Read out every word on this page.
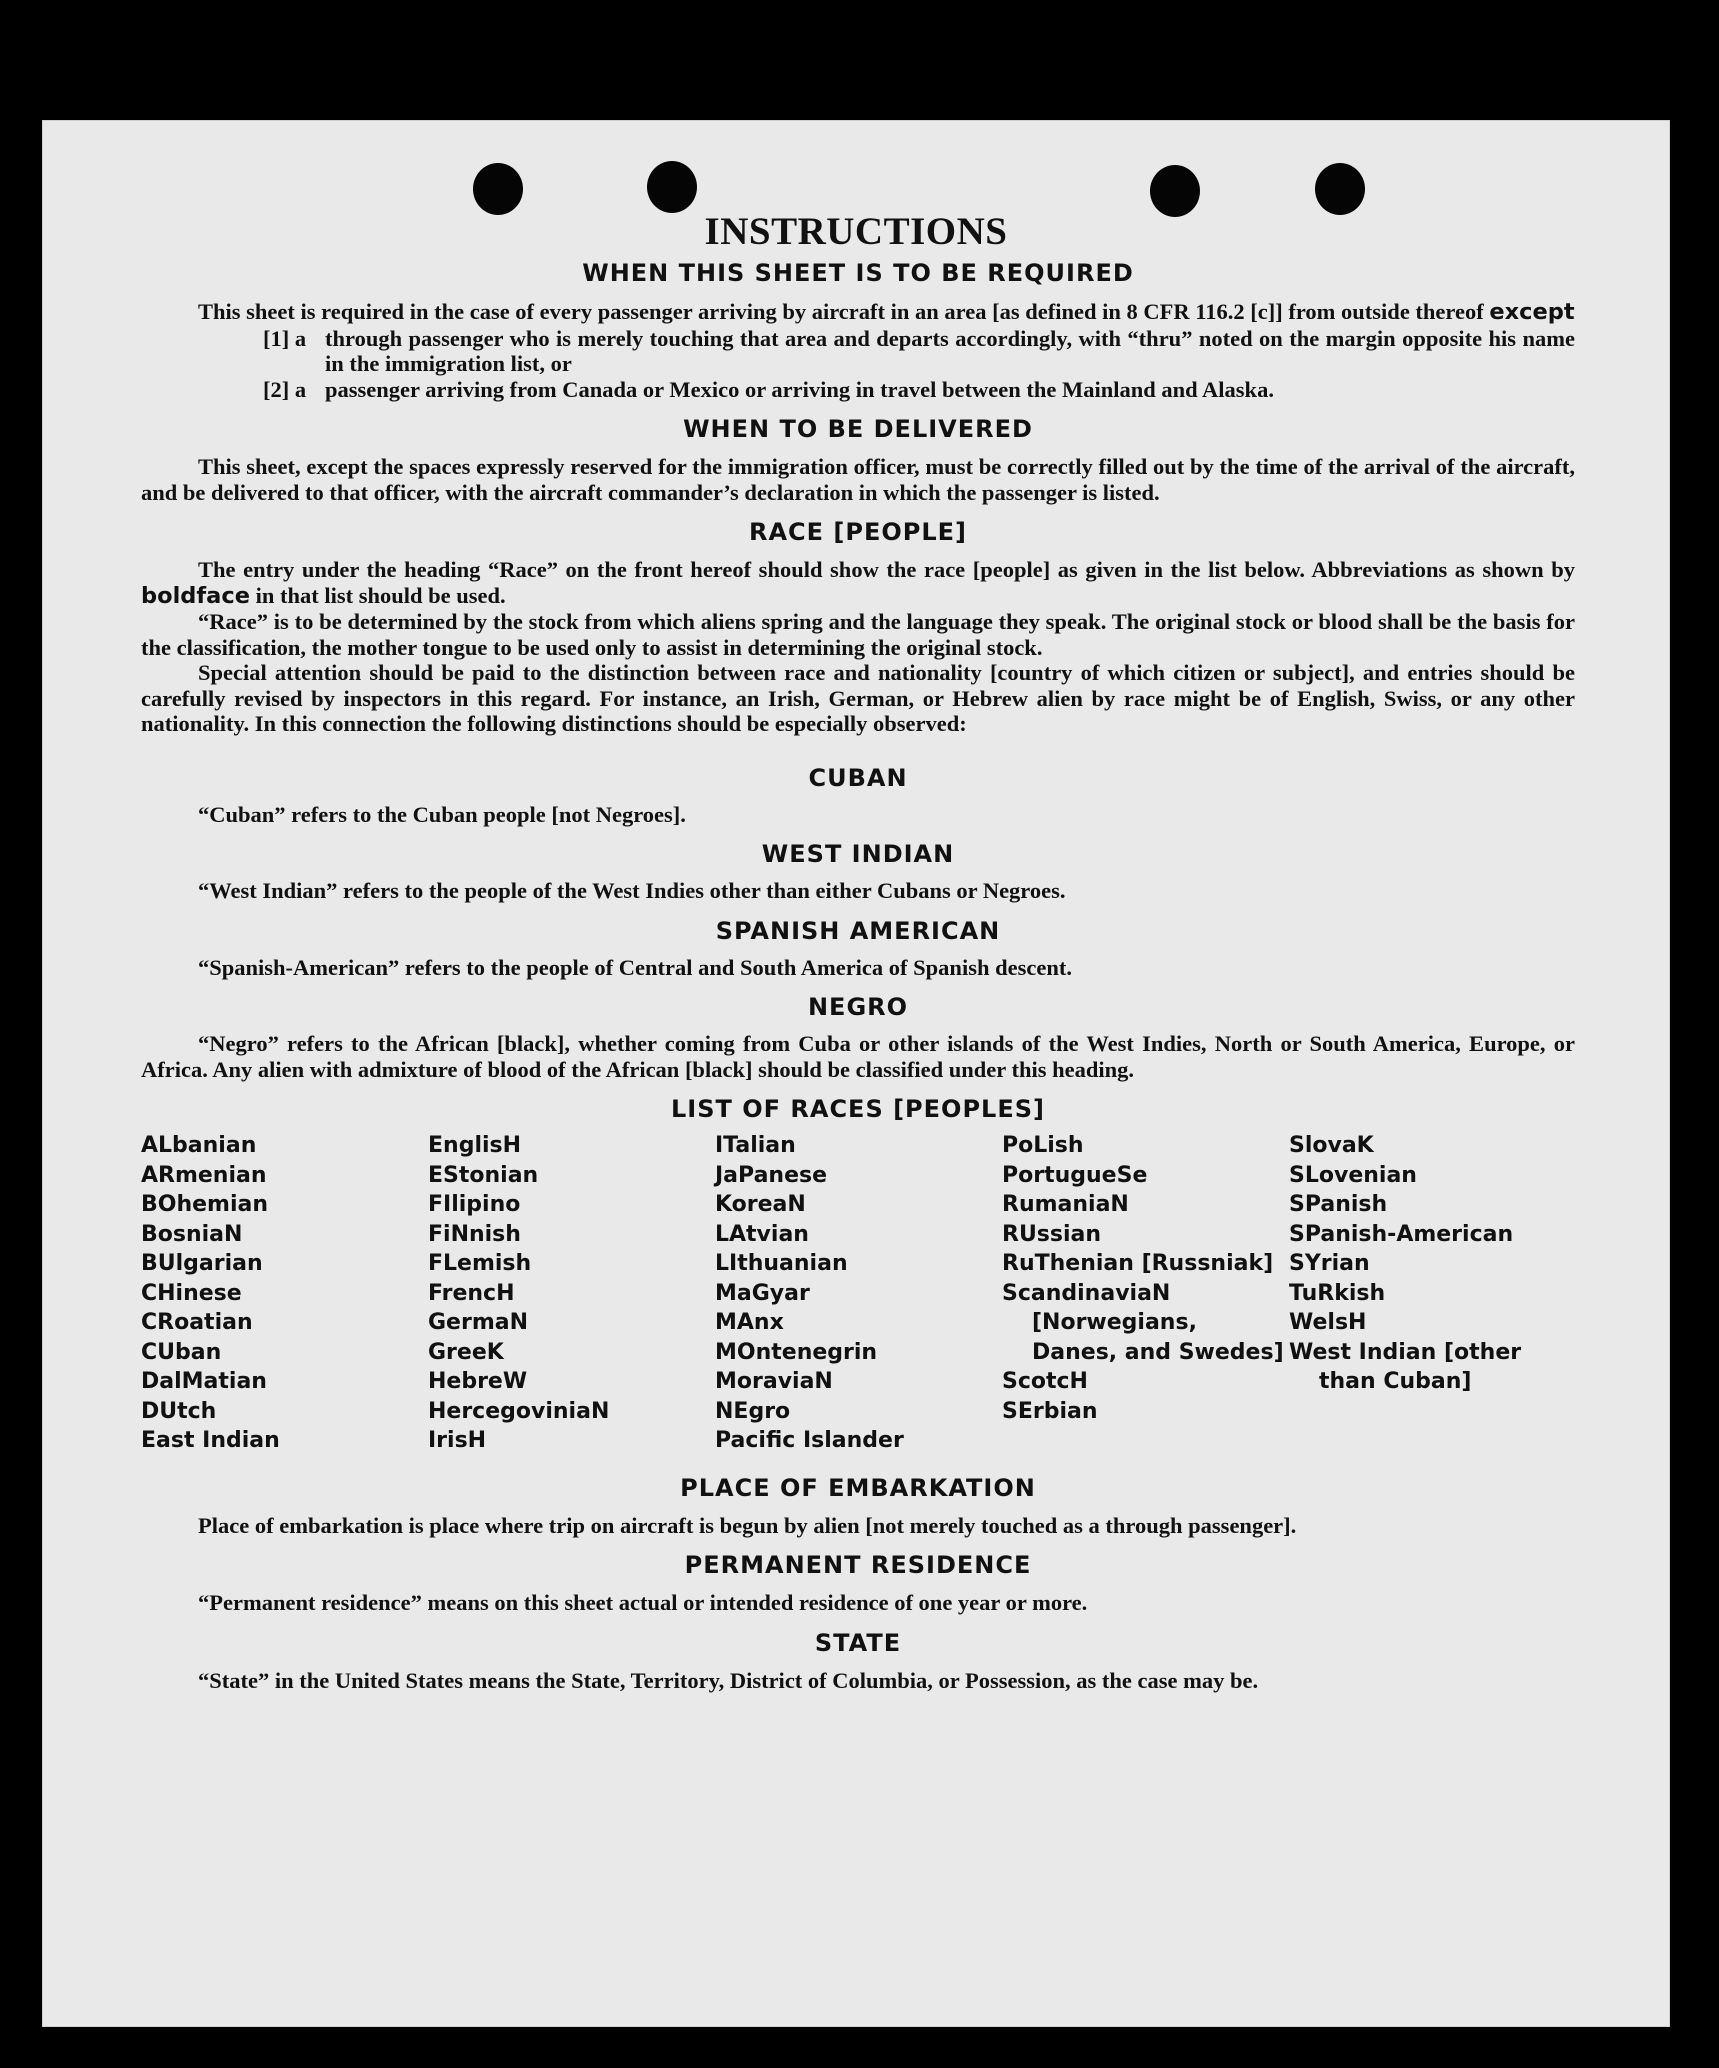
INSTRUCTIONS
WHEN THIS SHEET IS TO BE REQUIRED

This sheet is required in the case of every passenger arriving by aircraft in an area [as defined in 8 CFR 116.2 [c]] from outside thereof except

[1] a through passenger who is merely touching that area and departs accordingly, with “thru” noted on the margin opposite his name in the immigration list, or
[2] a passenger arriving from Canada or Mexico or arriving in travel between the Mainland and Alaska.
WHEN TO BE DELIVERED

This sheet, except the spaces expressly reserved for the immigration officer, must be correctly filled out by the time of the arrival of the aircraft, and be delivered to that officer, with the aircraft commander’s declaration in which the passenger is listed.

RACE [PEOPLE]

The entry under the heading “Race” on the front hereof should show the race [people] as given in the list below. Abbreviations as shown by boldface in that list should be used.

“Race” is to be determined by the stock from which aliens spring and the language they speak. The original stock or blood shall be the basis for the classification, the mother tongue to be used only to assist in determining the original stock.

Special attention should be paid to the distinction between race and nationality [country of which citizen or subject], and entries should be carefully revised by inspectors in this regard. For instance, an Irish, German, or Hebrew alien by race might be of English, Swiss, or any other nationality. In this connection the following distinctions should be especially observed:

CUBAN

“Cuban” refers to the Cuban people [not Negroes].

WEST INDIAN

“West Indian” refers to the people of the West Indies other than either Cubans or Negroes.

SPANISH AMERICAN

“Spanish-American” refers to the people of Central and South America of Spanish descent.

NEGRO

“Negro” refers to the African [black], whether coming from Cuba or other islands of the West Indies, North or South America, Europe, or Africa. Any alien with admixture of blood of the African [black] should be classified under this heading.

LIST OF RACES [PEOPLES]
ALbanian
ARmenian
BOhemian
BosniaN
BUlgarian
CHinese
CRoatian
CUban
DalMatian
DUtch
East Indian
EnglisH
EStonian
FIlipino
FiNnish
FLemish
FrencH
GermaN
GreeK
HebreW
HercegoviniaN
IrisH
ITalian
JaPanese
KoreaN
LAtvian
LIthuanian
MaGyar
MAnx
MOntenegrin
MoraviaN
NEgro
Pacific Islander
PoLish
PortugueSe
RumaniaN
RUssian
RuThenian [Russniak]
ScandinaviaN [Norwegians, Danes, and Swedes]
ScotcH
SErbian
SlovaK
SLovenian
SPanish
SPanish-American
SYrian
TuRkish
WelsH
West Indian [other than Cuban]
PLACE OF EMBARKATION

Place of embarkation is place where trip on aircraft is begun by alien [not merely touched as a through passenger].

PERMANENT RESIDENCE

“Permanent residence” means on this sheet actual or intended residence of one year or more.

STATE

“State” in the United States means the State, Territory, District of Columbia, or Possession, as the case may be.
